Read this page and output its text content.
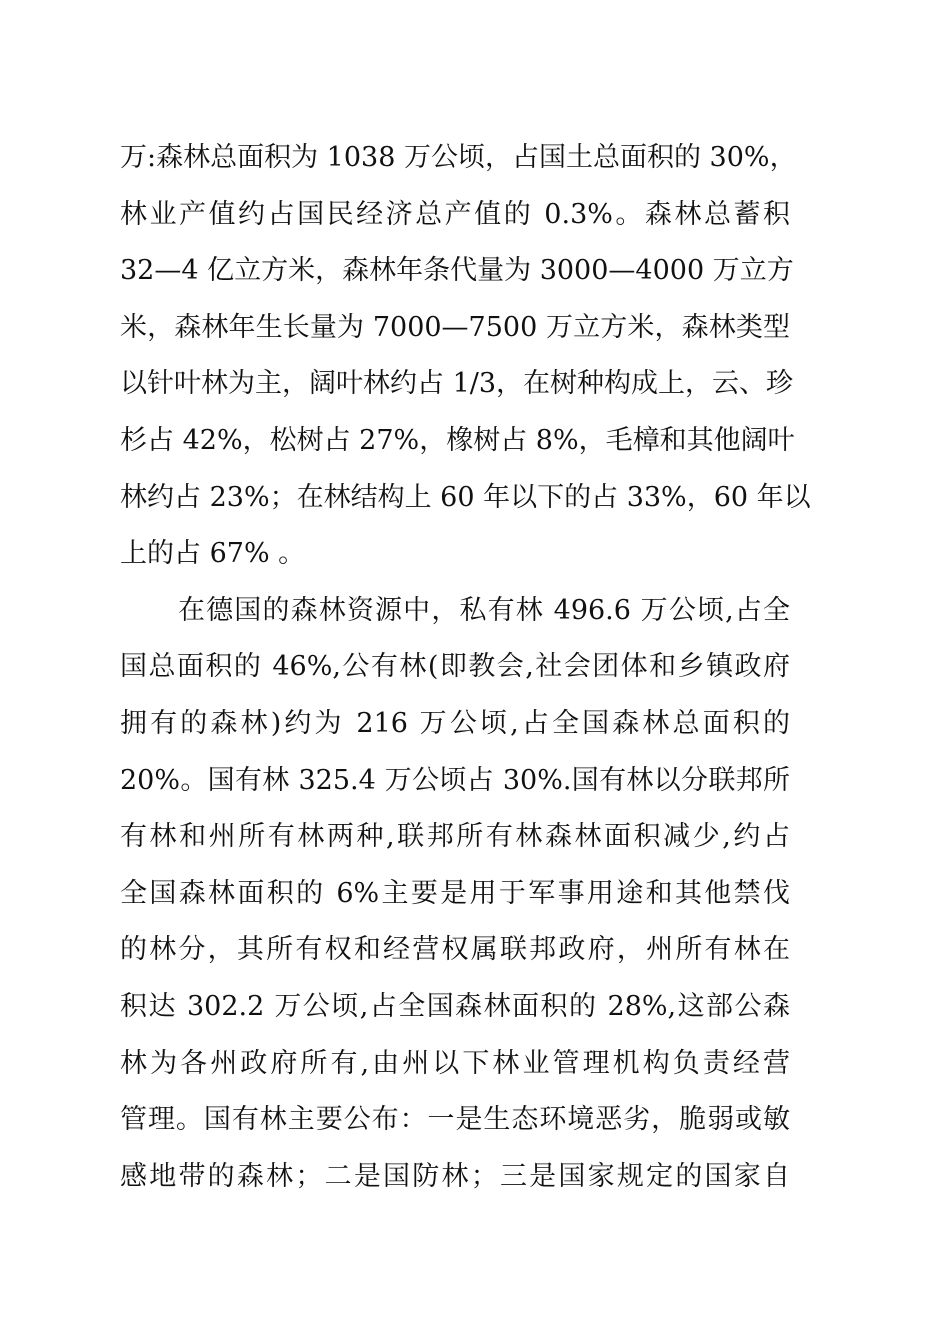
万:森林总面积为 1038 万公顷，占国土总面积的 30%，
林业产值约占国民经济总产值的 0.3%。森林总蓄积
32—4 亿立方米，森林年条代量为 3000—4000 万立方
米，森林年生长量为 7000—7500 万立方米，森林类型
以针叶林为主，阔叶林约占 1/3，在树种构成上，云、珍
杉占 42%，松树占 27%，橡树占 8%，毛樟和其他阔叶
林约占 23%；在林结构上 60 年以下的占 33%，60 年以
上的占 67% 。
在德国的森林资源中，私有林 496.6 万公顷,占全
国总面积的 46%,公有林(即教会,社会团体和乡镇政府
拥有的森林)约为 216 万公顷,占全国森林总面积的
20%。国有林 325.4 万公顷占 30%.国有林以分联邦所
有林和州所有林两种,联邦所有林森林面积减少,约占
全国森林面积的 6%主要是用于军事用途和其他禁伐
的林分，其所有权和经营权属联邦政府，州所有林在
积达 302.2 万公顷,占全国森林面积的 28%,这部公森
林为各州政府所有,由州以下林业管理机构负责经营
管理。国有林主要公布：一是生态环境恶劣，脆弱或敏
感地带的森林；二是国防林；三是国家规定的国家自
